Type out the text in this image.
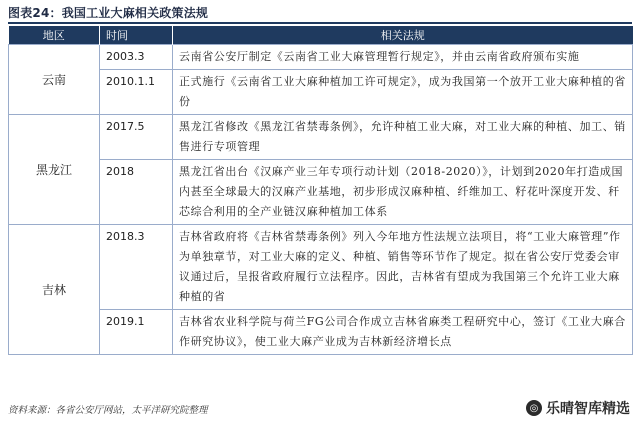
图表24：我国工业大麻相关政策法规
地区	时间	相关法规
云南	2003.3	云南省公安厅制定《云南省工业大麻管理暂行规定》，并由云南省政府颁布实施
	2010.1.1	正式施行《云南省工业大麻种植加工许可规定》，成为我国第一个放开工业大麻种植的省份
黑龙江	2017.5	黑龙江省修改《黑龙江省禁毒条例》，允许种植工业大麻，对工业大麻的种植、加工、销售进行专项管理
	2018	黑龙江省出台《汉麻产业三年专项行动计划（2018-2020）》，计划到2020年打造成国内甚至全球最大的汉麻产业基地，初步形成汉麻种植、纤维加工、籽花叶深度开发、秆芯综合利用的全产业链汉麻种植加工体系
吉林	2018.3	吉林省政府将《吉林省禁毒条例》列入今年地方性法规立法项目，将“工业大麻管理”作为单独章节，对工业大麻的定义、种植、销售等环节作了规定。拟在省公安厅党委会审议通过后，呈报省政府履行立法程序。因此，吉林省有望成为我国第三个允许工业大麻种植的省
	2019.1	吉林省农业科学院与荷兰FG公司合作成立吉林省麻类工程研究中心，签订《工业大麻合作研究协议》，使工业大麻产业成为吉林新经济增长点
资料来源：各省公安厅网站，太平洋研究院整理	◎ 乐晴智库精选
